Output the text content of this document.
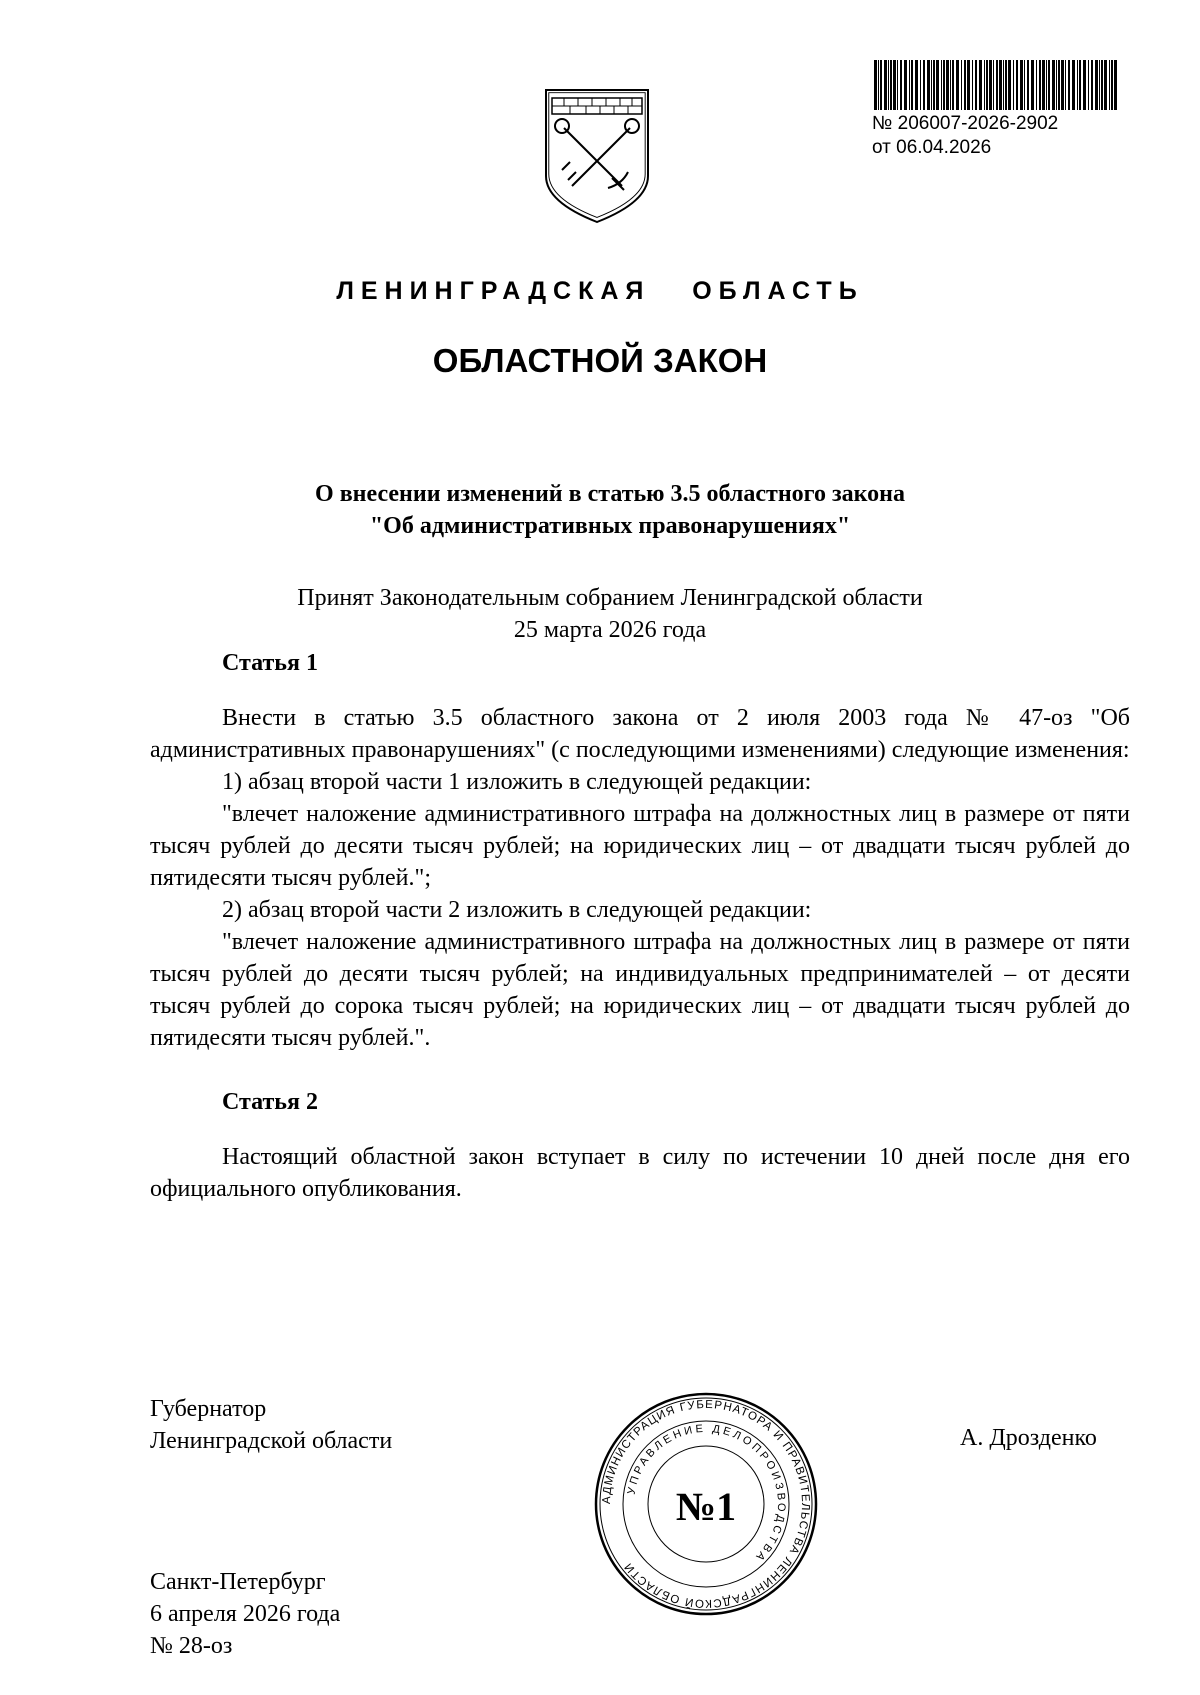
№ 206007-2026-2902
от 06.04.2026
ЛЕНИНГРАДСКАЯ   ОБЛАСТЬ
ОБЛАСТНОЙ ЗАКОН
О внесении изменений в статью 3.5 областного закона
"Об административных правонарушениях"
Принят Законодательным собранием Ленинградской области
25 марта 2026 года
Статья 1

Внести в статью 3.5 областного закона от 2 июля 2003 года № 47-оз "Об административных правонарушениях" (с последующими изменениями) следующие изменения:

1) абзац второй части 1 изложить в следующей редакции:

"влечет наложение административного штрафа на должностных лиц в размере от пяти тысяч рублей до десяти тысяч рублей; на юридических лиц – от двадцати тысяч рублей до пятидесяти тысяч рублей.";

2) абзац второй части 2 изложить в следующей редакции:

"влечет наложение административного штрафа на должностных лиц в размере от пяти тысяч рублей до десяти тысяч рублей; на индивидуальных предпринимателей – от десяти тысяч рублей до сорока тысяч рублей; на юридических лиц – от двадцати тысяч рублей до пятидесяти тысяч рублей.".

Статья 2

Настоящий областной закон вступает в силу по истечении 10 дней после дня его официального опубликования.

Губернатор
Ленинградской области	А. Дрозденко
АДМИНИСТРАЦИЯ ГУБЕРНАТОРА И ПРАВИТЕЛЬСТВА ЛЕНИНГРАДСКОЙ ОБЛАСТИ
УПРАВЛЕНИЕ ДЕЛОПРОИЗВОДСТВА
№1
Санкт-Петербург
6 апреля 2026 года
№ 28-оз
